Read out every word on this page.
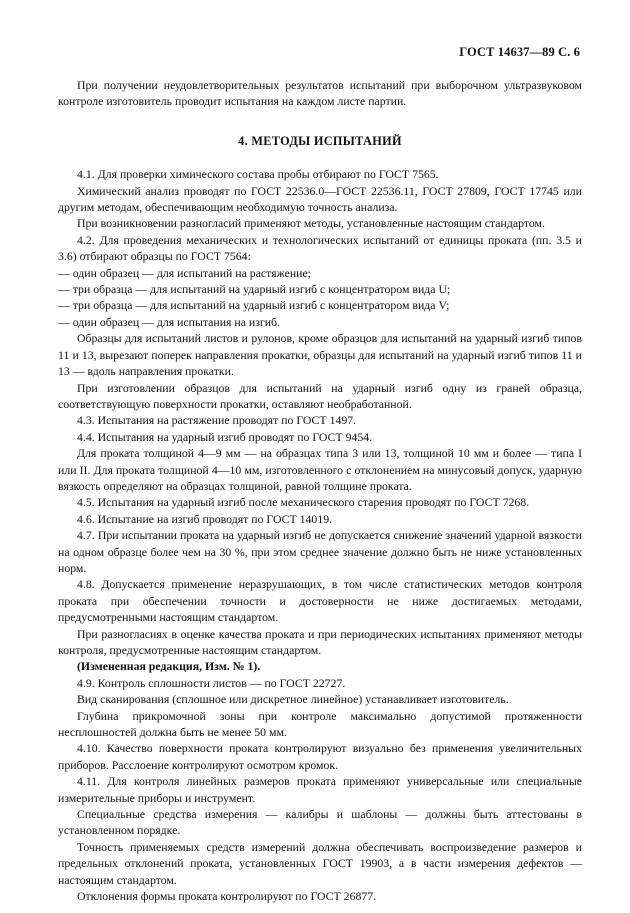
ГОСТ 14637—89 С. 6

При получении неудовлетворительных результатов испытаний при выборочном ультразвуковом контроле изготовитель проводит испытания на каждом листе партии.

4. МЕТОДЫ ИСПЫТАНИЙ

4.1. Для проверки химического состава пробы отбирают по ГОСТ 7565.

Химический анализ проводят по ГОСТ 22536.0—ГОСТ 22536.11, ГОСТ 27809, ГОСТ 17745 или другим методам, обеспечивающим необходимую точность анализа.

При возникновении разногласий применяют методы, установленные настоящим стандартом.

4.2. Для проведения механических и технологических испытаний от единицы проката (пп. 3.5 и 3.6) отбирают образцы по ГОСТ 7564:

— один образец — для испытаний на растяжение;

— три образца — для испытаний на ударный изгиб с концентратором вида U;

— три образца — для испытаний на ударный изгиб с концентратором вида V;

— один образец — для испытания на изгиб.

Образцы для испытаний листов и рулонов, кроме образцов для испытаний на ударный изгиб типов 11 и 13, вырезают поперек направления прокатки, образцы для испытаний на ударный изгиб типов 11 и 13 — вдоль направления прокатки.

При изготовлении образцов для испытаний на ударный изгиб одну из граней образца, соответствующую поверхности прокатки, оставляют необработанной.

4.3. Испытания на растяжение проводят по ГОСТ 1497.

4.4. Испытания на ударный изгиб проводят по ГОСТ 9454.

Для проката толщиной 4—9 мм — на образцах типа 3 или 13, толщиной 10 мм и более — типа I или II. Для проката толщиной 4—10 мм, изготовленного с отклонением на минусовый допуск, ударную вязкость определяют на образцах толщиной, равной толщине проката.

4.5. Испытания на ударный изгиб после механического старения проводят по ГОСТ 7268.

4.6. Испытание на изгиб проводят по ГОСТ 14019.

4.7. При испытании проката на ударный изгиб не допускается снижение значений ударной вязкости на одном образце более чем на 30 %, при этом среднее значение должно быть не ниже установленных норм.

4.8. Допускается применение неразрушающих, в том числе статистических методов контроля проката при обеспечении точности и достоверности не ниже достигаемых методами, предусмотренными настоящим стандартом.

При разногласиях в оценке качества проката и при периодических испытаниях применяют методы контроля, предусмотренные настоящим стандартом.

(Измененная редакция, Изм. № 1).

4.9. Контроль сплошности листов — по ГОСТ 22727.

Вид сканирования (сплошное или дискретное линейное) устанавливает изготовитель.

Глубина прикромочной зоны при контроле максимально допустимой протяженности несплошностей должна быть не менее 50 мм.

4.10. Качество поверхности проката контролируют визуально без применения увеличительных приборов. Расслоение контролируют осмотром кромок.

4.11. Для контроля линейных размеров проката применяют универсальные или специальные измерительные приборы и инструмент.

Специальные средства измерения — калибры и шаблоны — должны быть аттестованы в установленном порядке.

Точность применяемых средств измерений должна обеспечивать воспроизведение размеров и предельных отклонений проката, установленных ГОСТ 19903, а в части измерения дефектов — настоящим стандартом.

Отклонения формы проката контролируют по ГОСТ 26877.
